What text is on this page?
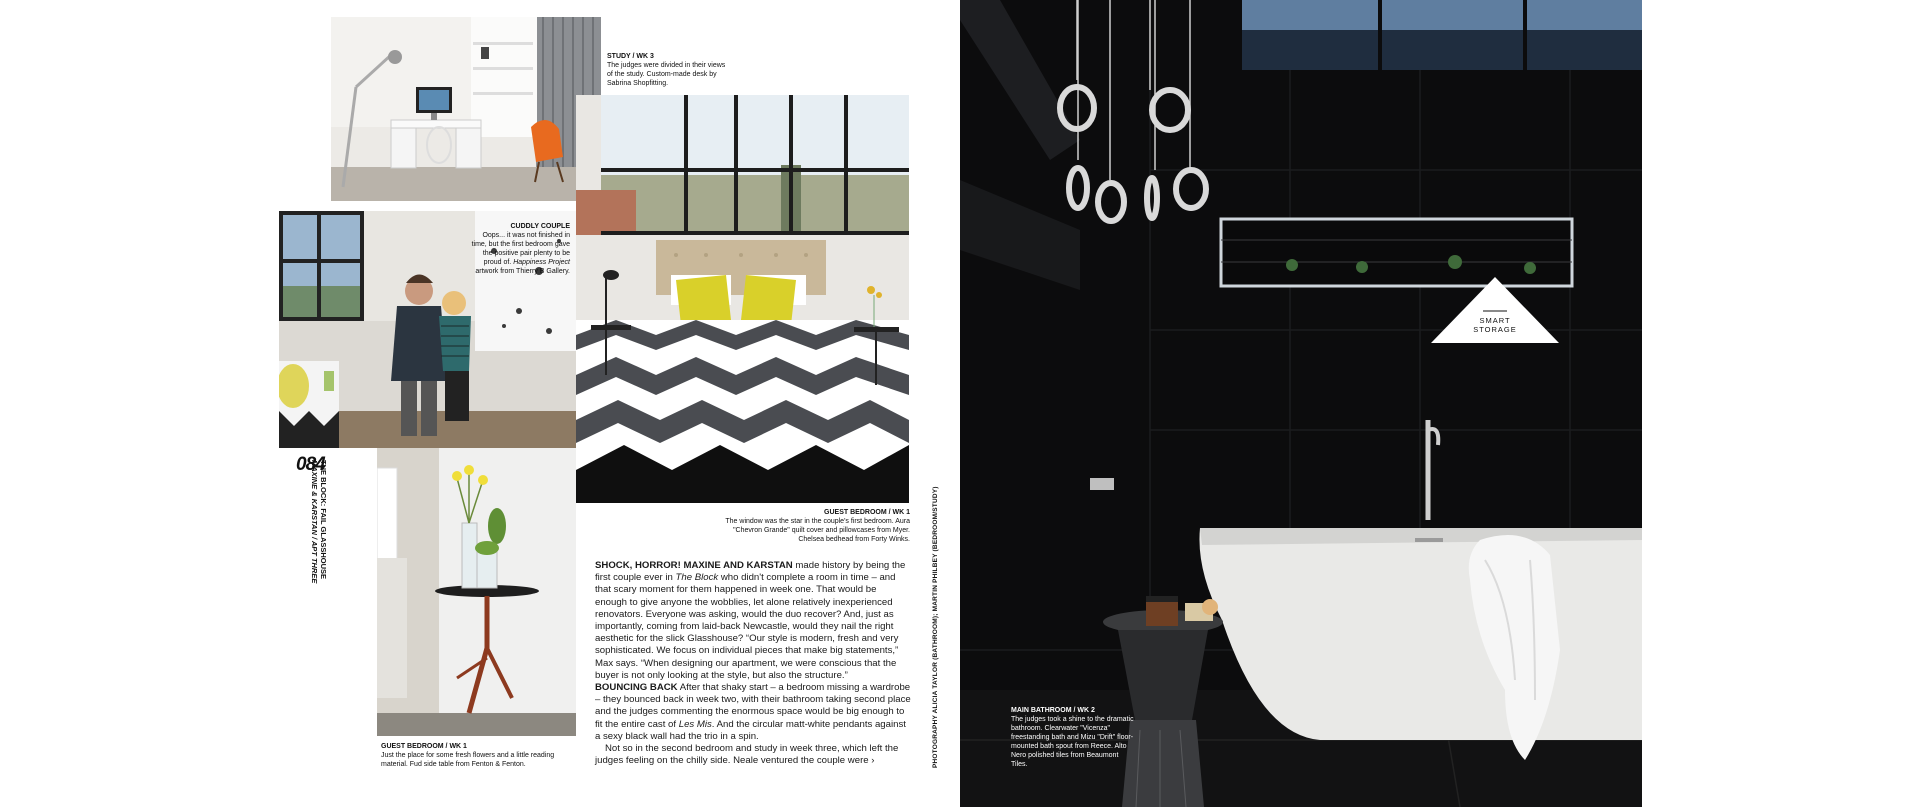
STUDY / WK 3
The judges were divided in their views of the study. Custom-made desk by Sabrina Shopfitting.
CUDDLY COUPLE
Oops... it was not finished in time, but the first bedroom gave the positive pair plenty to be proud of. Happiness Project artwork from Thierry B Gallery.
GUEST BEDROOM / WK 1
The window was the star in the couple's first bedroom. Aura "Chevron Grande" quilt cover and pillowcases from Myer. Chelsea bedhead from Forty Winks.
GUEST BEDROOM / WK 1
Just the place for some fresh flowers and a little reading material. Fud side table from Fenton & Fenton.
084
THE BLOCK: FAIL GLASSHOUSE
MAXINE & KARSTAN / APT THREE	SHOCK, HORROR! MAXINE AND KARSTAN made history by being the first couple ever in The Block who didn't complete a room in time – and that scary moment for them happened in week one. That would be enough to give anyone the wobblies, let alone relatively inexperienced renovators. Everyone was asking, would the duo recover? And, just as importantly, coming from laid-back Newcastle, would they nail the right aesthetic for the slick Glasshouse? “Our style is modern, fresh and very sophisticated. We focus on individual pieces that make big statements,” Max says. “When designing our apartment, we were conscious that the buyer is not only looking at the style, but also the structure.”

BOUNCING BACK After that shaky start – a bedroom missing a wardrobe – they bounced back in week two, with their bathroom taking second place and the judges commenting the enormous space would be big enough to fit the entire cast of Les Mis. And the circular matt-white pendants against a sexy black wall had the trio in a spin.

Not so in the second bedroom and study in week three, which left the judges feeling on the chilly side. Neale ventured the couple were ›	PHOTOGRAPHY ALICIA TAYLOR (BATHROOM); MARTIN PHILBEY (BEDROOM/STUDY)
SMART
STORAGE
MAIN BATHROOM / WK 2
The judges took a shine to the dramatic bathroom. Clearwater "Vicenza" freestanding bath and Mizu "Drift" floor-mounted bath spout from Reece. Alto Nero polished tiles from Beaumont Tiles.
